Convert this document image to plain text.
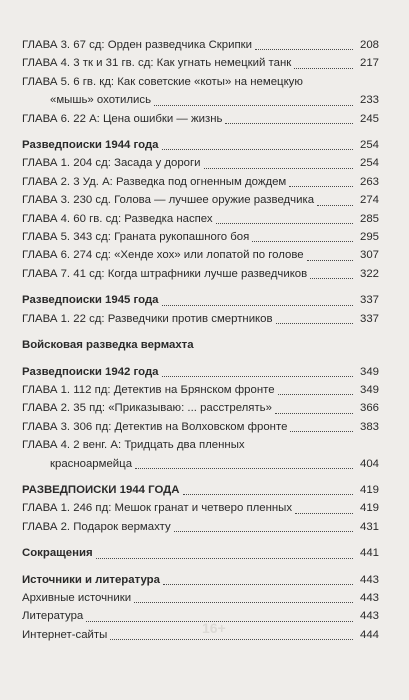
ГЛАВА 3. 67 сд: Орден разведчика Скрипки	208
ГЛАВА 4. 3 тк и 31 гв. сд: Как угнать немецкий танк	217
ГЛАВА 5. 6 гв. кд: Как советские «коты» на немецкую
«мышь» охотились	233
ГЛАВА 6. 22 А: Цена ошибки — жизнь	245
Разведпоиски 1944 года	254
ГЛАВА 1. 204 сд: Засада у дороги	254
ГЛАВА 2. 3 Уд. А: Разведка под огненным дождем	263
ГЛАВА 3. 230 сд. Голова — лучшее оружие разведчика	274
ГЛАВА 4. 60 гв. сд: Разведка наспех	285
ГЛАВА 5. 343 сд: Граната рукопашного боя	295
ГЛАВА 6. 274 сд: «Хенде хох» или лопатой по голове	307
ГЛАВА 7. 41 сд: Когда штрафники лучше разведчиков	322
Разведпоиски 1945 года	337
ГЛАВА 1. 22 сд: Разведчики против смертников	337
Войсковая разведка вермахта
Разведпоиски 1942 года	349
ГЛАВА 1. 112 пд: Детектив на Брянском фронте	349
ГЛАВА 2. 35 пд: «Приказываю: ... расстрелять»	366
ГЛАВА 3. 306 пд: Детектив на Волховском фронте	383
ГЛАВА 4. 2 венг. А: Тридцать два пленных
красноармейца	404
РАЗВЕДПОИСКИ 1944 ГОДА	419
ГЛАВА 1. 246 пд: Мешок гранат и четверо пленных	419
ГЛАВА 2. Подарок вермахту	431
Сокращения	441
Источники и литература	443
Архивные источники	443
Литература	443
Интернет-сайты	444
16+
